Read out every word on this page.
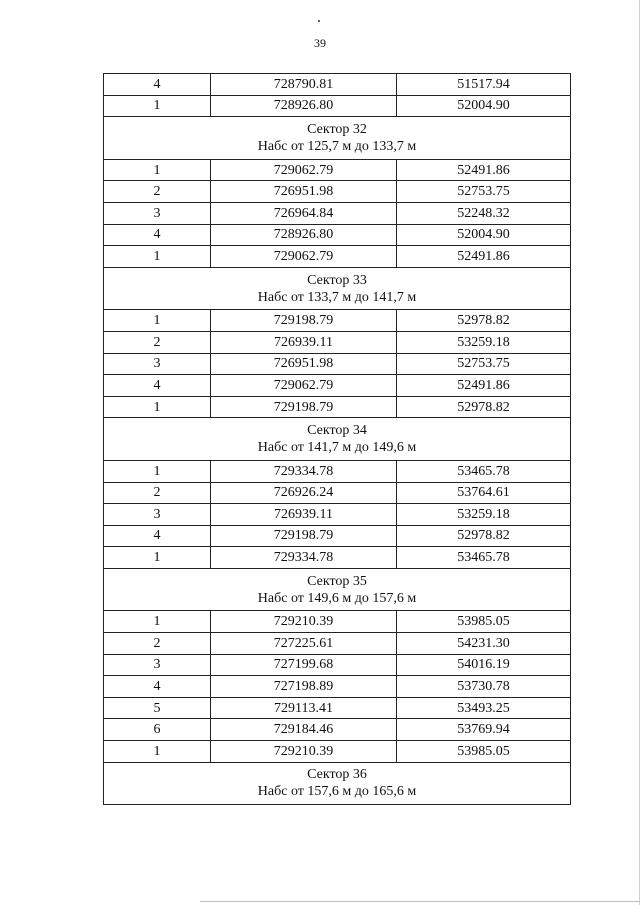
39
4	728790.81	51517.94
1	728926.80	52004.90

Сектор 32
Набс от 125,7 м до 133,7 м		

1	729062.79	52491.86
2	726951.98	52753.75
3	726964.84	52248.32
4	728926.80	52004.90
1	729062.79	52491.86

Сектор 33
Набс от 133,7 м до 141,7 м		

1	729198.79	52978.82
2	726939.11	53259.18
3	726951.98	52753.75
4	729062.79	52491.86
1	729198.79	52978.82

Сектор 34
Набс от 141,7 м до 149,6 м		

1	729334.78	53465.78
2	726926.24	53764.61
3	726939.11	53259.18
4	729198.79	52978.82
1	729334.78	53465.78

Сектор 35
Набс от 149,6 м до 157,6 м		

1	729210.39	53985.05
2	727225.61	54231.30
3	727199.68	54016.19
4	727198.89	53730.78
5	729113.41	53493.25
6	729184.46	53769.94
1	729210.39	53985.05

Сектор 36
Набс от 157,6 м до 165,6 м		
